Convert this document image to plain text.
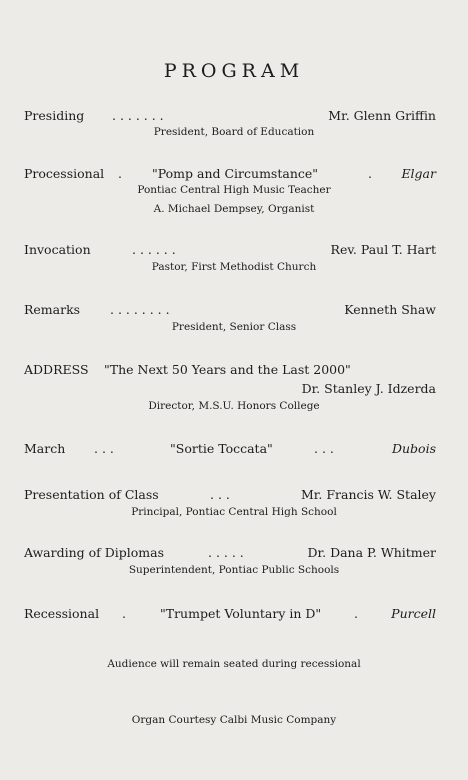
PROGRAM
Presiding . . . . . . .	Mr. Glenn Griffin
President, Board of Education
Processional . "Pomp and Circumstance"	. Elgar
Pontiac Central High Music Teacher
A. Michael Dempsey, Organist
Invocation	. . . . . .	Rev. Paul T. Hart
Pastor, First Methodist Church
Remarks . . . . . . . .	Kenneth Shaw
President, Senior Class
ADDRESS "The Next 50 Years and the Last 2000"
Dr. Stanley J. Idzerda
Director, M.S.U. Honors College
March . . .	"Sortie Toccata"	. . .	Dubois
Presentation of Class	. . .	Mr. Francis W. Staley
Principal, Pontiac Central High School
Awarding of Diplomas	. . . . .	Dr. Dana P. Whitmer
Superintendent, Pontiac Public Schools
Recessional .	"Trumpet Voluntary in D"	.	Purcell
Audience will remain seated during recessional
Organ Courtesy Calbi Music Company
